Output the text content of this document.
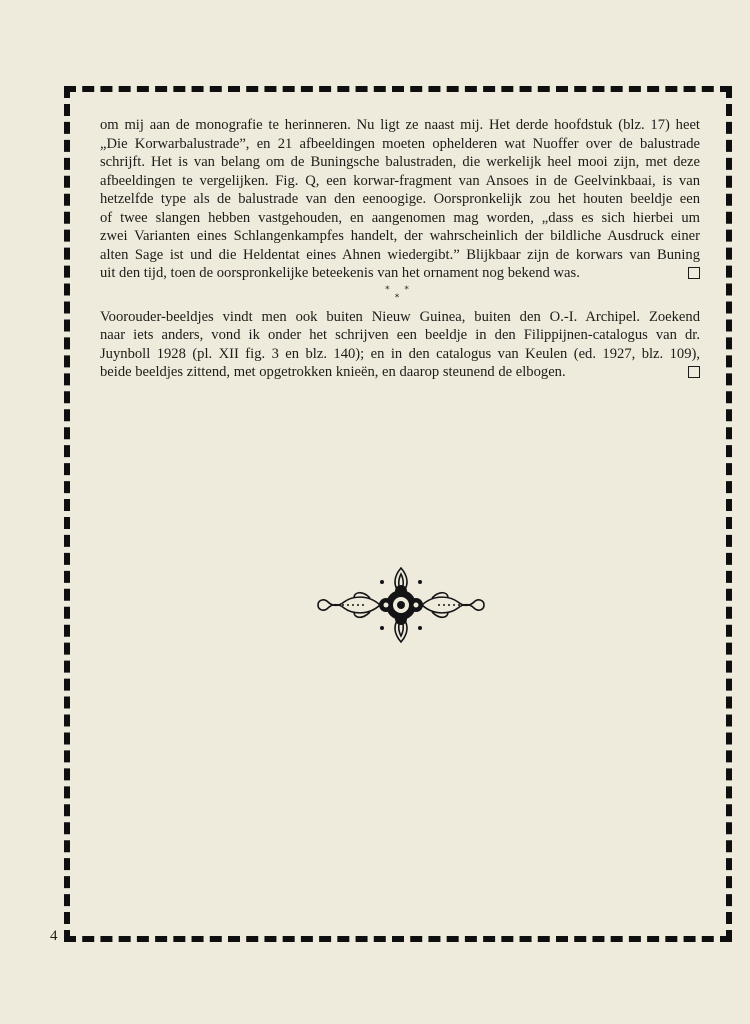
om mij aan de monografie te herinneren. Nu ligt ze naast mij. Het derde hoofdstuk (blz. 17) heet
„Die Korwarbalustrade”, en 21 afbeeldingen moeten ophelderen wat Nuoffer over de balustrade
schrijft. Het is van belang om de Buningsche balustraden, die werkelijk heel mooi zijn, met deze
afbeeldingen te vergelijken. Fig. Q, een korwar-fragment van Ansoes in de Geelvinkbaai, is van
hetzelfde type als de balustrade van den eenoogige. Oorspronkelijk zou het houten beeldje een
of twee slangen hebben vastgehouden, en aangenomen mag worden, „dass es sich hierbei um
zwei Varianten eines Schlangenkampfes handelt, der wahrscheinlich der bildliche Ausdruck einer
alten Sage ist und die Heldentat eines Ahnen wiedergibt.” Blijkbaar zijn de korwars van Buning
uit den tijd, toen de oorspronkelijke beteekenis van het ornament nog bekend was.

* *
*

Voorouder-beeldjes vindt men ook buiten Nieuw Guinea, buiten den O.-I. Archipel. Zoekend
naar iets anders, vond ik onder het schrijven een beeldje in den Filippijnen-catalogus van dr.
Juynboll 1928 (pl. XII fig. 3 en blz. 140); en in den catalogus van Keulen (ed. 1927, blz. 109),
beide beeldjes zittend, met opgetrokken knieën, en daarop steunend de elbogen.

4
